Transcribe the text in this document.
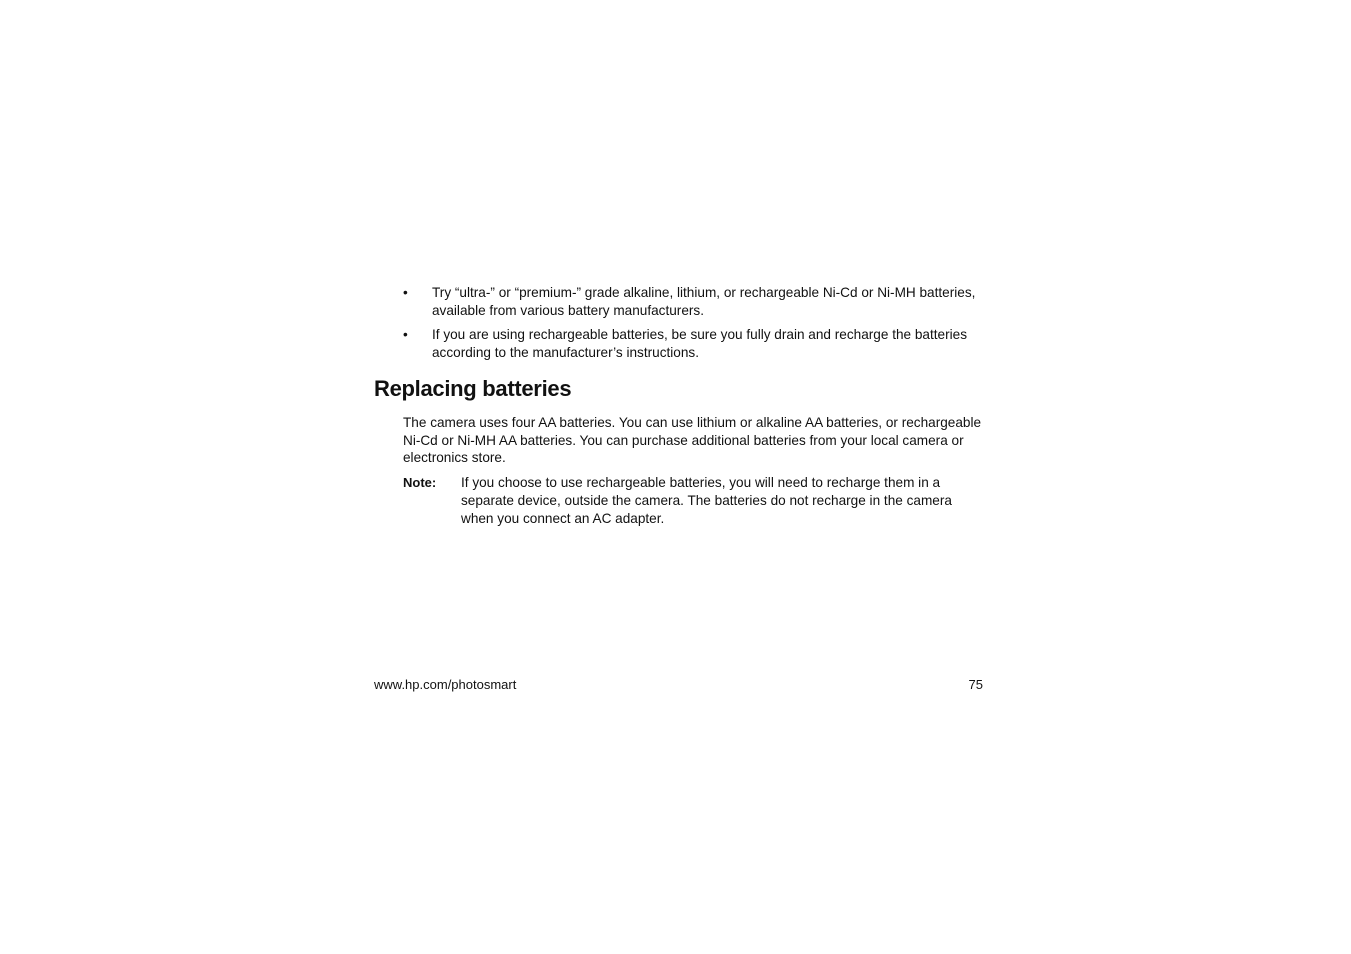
• Try “ultra-” or “premium-” grade alkaline, lithium, or rechargeable Ni-Cd or Ni-MH batteries, available from various battery manufacturers.
• If you are using rechargeable batteries, be sure you fully drain and recharge the batteries according to the manufacturer’s instructions.
Replacing batteries

The camera uses four AA batteries. You can use lithium or alkaline AA batteries, or rechargeable Ni-Cd or Ni-MH AA batteries. You can purchase additional batteries from your local camera or electronics store.

Note: If you choose to use rechargeable batteries, you will need to recharge them in a separate device, outside the camera. The batteries do not recharge in the camera when you connect an AC adapter.
www.hp.com/photosmart	75
